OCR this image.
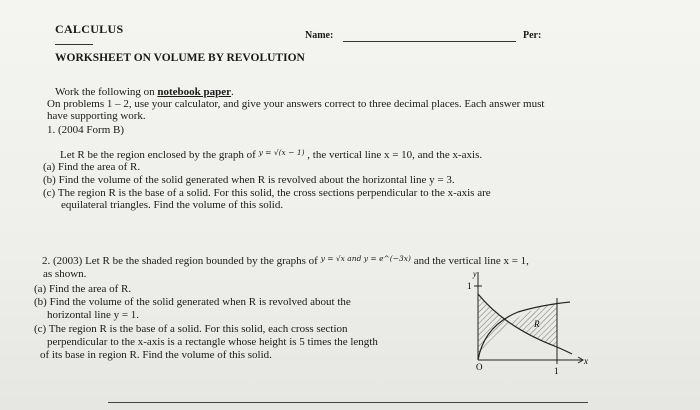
CALCULUS	Name:	Per:
WORKSHEET ON VOLUME BY REVOLUTION
Work the following on notebook paper.
On problems 1 – 2, use your calculator, and give your answers correct to three decimal places. Each answer must
have supporting work.
1. (2004 Form B)
Let R be the region enclosed by the graph of $^{y = √(x - 1)}$ , the vertical line x = 10, and the x-axis.
(a) Find the area of R.
(b) Find the volume of the solid generated when R is revolved about the horizontal line y = 3.
(c) The region R is the base of a solid. For this solid, the cross sections perpendicular to the x-axis are
equilateral triangles. Find the volume of this solid.
2. (2003) Let R be the shaded region bounded by the graphs of $^{y = √x and y = e\^{}(-3x)}$ and the vertical line x = 1,
as shown.
(a) Find the area of R.
(b) Find the volume of the solid generated when R is revolved about the
horizontal line y = 1.
(c) The region R is the base of a solid. For this solid, each cross section
perpendicular to the x-axis is a rectangle whose height is 5 times the length
of its base in region R. Find the volume of this solid.
1
1
O
x
y
R
